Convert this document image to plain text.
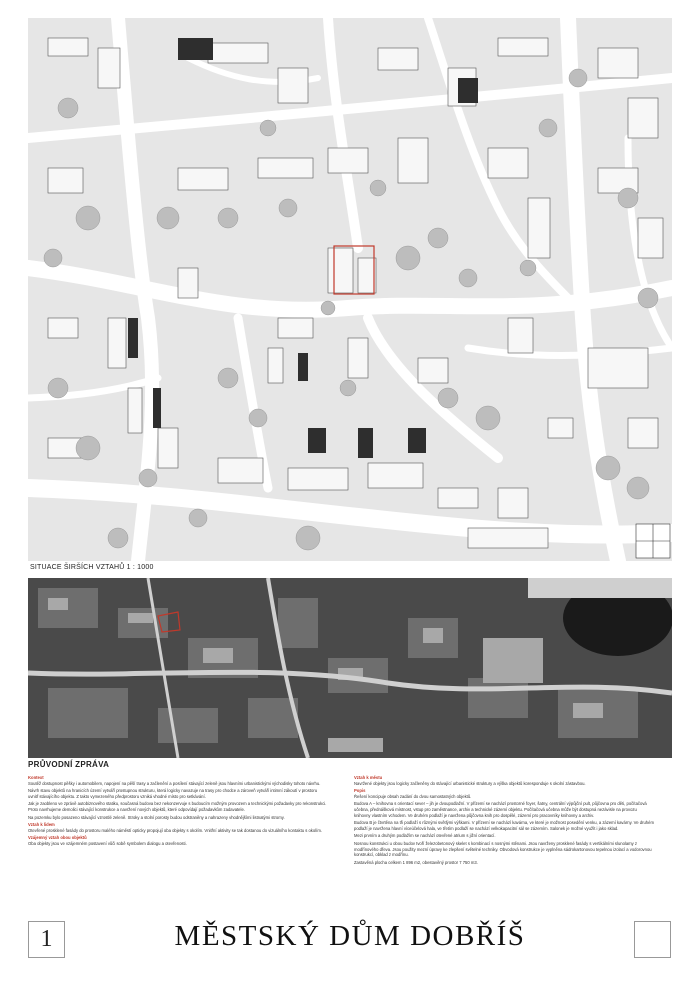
SITUACE ŠIRŠÍCH VZTAHŮ 1 : 1000
PRŮVODNÍ ZPRÁVA
Kontext

Soutěž dostupnost pěšky i automobilem, napojení na pěší trasy a začlenění a posílení stávající zeleně jsou hlavními urbanistickými východisky tohoto návrhu.

Návrh stavu objektů na hranicích území vytváří prostupnou strukturu, která logicky navazuje na trasy pro chodce a zároveň vytváří intimní zákoutí v prostoru uvnitř stávajícího objektu. Z takto vymezeného předprostoru vzniká vhodné místo pro setkávání.

Jak je zaobleno ve zprávě autobiznového statiku, současná budova bez nekonzervuje s budoucím možným provozem a technickými požadavky pro rekonstrukci. Proto navrhujeme demolici stávající konstrukce a navržení nových objektů, které odpovídají požadavkům zadavatele.

Na pozemku bylo posazeno stávající vzrostlé zeleně. Stroky a stolní porosty budou odstraněny a nahrazeny vhodnějšími listnatými stromy.

Vztah k lidem

Otevřené prosklené fasády do prostoru malého náměstí opticky propojují oba objekty s okolím. Vnitřní aktivity se tak dostanou do vizuálního kontaktu s okolím.

Vzájemný vztah obou objektů

Oba objekty jsou ve vzájemném postavení vůči sobě symbolem dialogu a otevřenosti.

Vztah k městu

Navržené objekty jsou logicky začleněny do stávající urbanistické struktury a výška objektů koresponduje s okolní zástavbou.

Popis

Řešení koncipuje obsah zadání do dvou samostatných objektů.

Budova A – knihovna s orientací sever – jih je dvoupodlažní. V přízemí se nachází prostorné foyer, šatny, centrální výpůjční pult, půjčovna pro děti, počítačová učebna, přednášková místnost, vstup pro zaměstnance, archiv a technické zázemí objektu. Počítačová učebna může být dostupná nezávisle na provozu knihovny vlastním vchodem. Ve druhém podlaží je navržena půjčovna knih pro dospělé, zázemí pro pracovníky knihovny a archiv.

Budova B je čtvrtěna na tři podlaží s různými světlými výškami. V přízemí se nachází kavárna, ve které je možnost posedění venku, a zázemí kavárny. Ve druhém podlaží je navržena hlavní víceúčelová hala, ve třetím podlaží se nachází velkokapacitní sál se zázemím. Salonek je možné využít i jako sklad.

Mezi prvním a druhým podlažím se nachází otevřené atrium s jižní orientací.

Nosnou konstrukci u obou budov tvoří železobetonový skelet s kombinací s nosnými stěnami. Jsou navrženy prosklené fasády s vertikálními slunolamy z modřínového dřeva. Jsou použity mezní úpravy ke zlepšení světelné techniky. Obvodová konstrukce je vyplněna sádrokartonovou tepelnou izolací a vodorovnou konstrukcí, obklad z modřínu.

Zastavěná plocha celkem 1 896 m2, obestavěný prostor 7 750 m3.

1	MĚSTSKÝ DŮM DOBŘÍŠ
